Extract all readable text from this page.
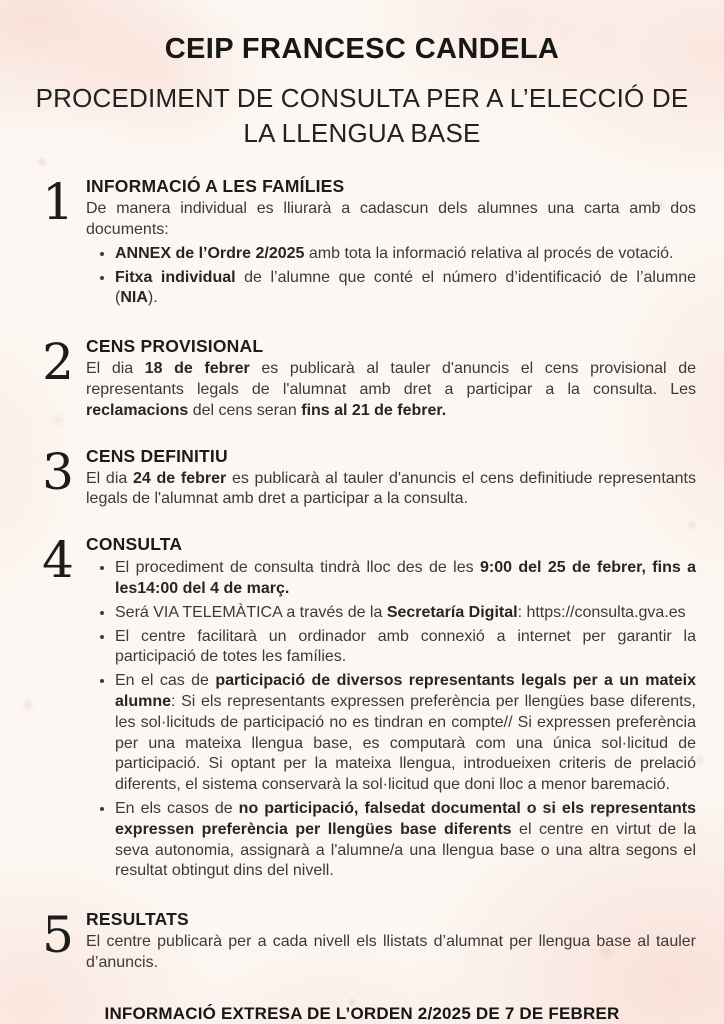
CEIP FRANCESC CANDELA
PROCEDIMENT DE CONSULTA PER A L’ELECCIÓ DE LA LLENGUA BASE
1 INFORMACIÓ A LES FAMÍLIES

De manera individual es lliurarà a cadascun dels alumnes una carta amb dos documents:

• ANNEX de l’Ordre 2/2025 amb tota la informació relativa al procés de votació.
• Fitxa individual de l’alumne que conté el número d’identificació de l’alumne (NIA).
2 CENS PROVISIONAL

El dia 18 de febrer es publicarà al tauler d'anuncis el cens provisional de representants legals de l'alumnat amb dret a participar a la consulta. Les reclamacions del cens seran fins al 21 de febrer.

3 CENS DEFINITIU

El dia 24 de febrer es publicarà al tauler d'anuncis el cens definitiude representants legals de l'alumnat amb dret a participar a la consulta.

4 CONSULTA
• El procediment de consulta tindrà lloc des de les 9:00 del 25 de febrer, fins a les14:00 del 4 de març.
• Será VIA TELEMÀTICA a través de la Secretaría Digital: https://consulta.gva.es
• El centre facilitarà un ordinador amb connexió a internet per garantir la participació de totes les famílies.
• En el cas de participació de diversos representants legals per a un mateix alumne: Si els representants expressen preferència per llengües base diferents, les sol·licituds de participació no es tindran en compte// Si expressen preferència per una mateixa llengua base, es computarà com una única sol·licitud de participació. Si optant per la mateixa llengua, introdueixen criteris de prelació diferents, el sistema conservarà la sol·licitud que doni lloc a menor baremació.
• En els casos de no participació, falsedat documental o si els representants expressen preferència per llengües base diferents el centre en virtut de la seva autonomia, assignarà a l'alumne/a una llengua base o una altra segons el resultat obtingut dins del nivell.
5 RESULTATS

El centre publicarà per a cada nivell els llistats d’alumnat per llengua base al tauler d’anuncis.

INFORMACIÓ EXTRESA DE L’ORDEN 2/2025 DE 7 DE FEBRER
